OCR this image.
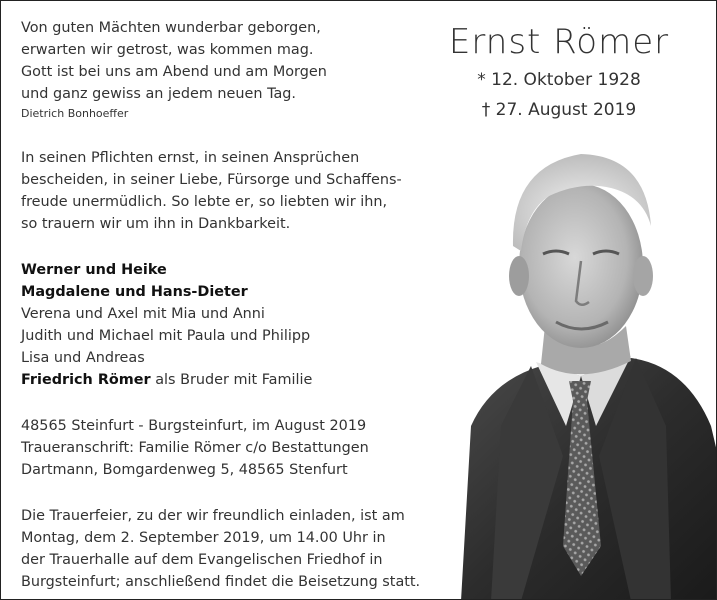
Von guten Mächten wunderbar geborgen,
erwarten wir getrost, was kommen mag.
Gott ist bei uns am Abend und am Morgen
und ganz gewiss an jedem neuen Tag.
Dietrich Bonhoeffer
In seinen Pflichten ernst, in seinen Ansprüchen
bescheiden, in seiner Liebe, Fürsorge und Schaffens-
freude unermüdlich. So lebte er, so liebten wir ihn,
so trauern wir um ihn in Dankbarkeit.
Werner und Heike
Magdalene und Hans-Dieter
Verena und Axel mit Mia und Anni
Judith und Michael mit Paula und Philipp
Lisa und Andreas
Friedrich Römer als Bruder mit Familie
48565 Steinfurt - Burgsteinfurt, im August 2019
Traueranschrift: Familie Römer c/o Bestattungen
Dartmann, Bomgardenweg 5, 48565 Stenfurt
Die Trauerfeier, zu der wir freundlich einladen, ist am
Montag, dem 2. September 2019, um 14.00 Uhr in
der Trauerhalle auf dem Evangelischen Friedhof in
Burgsteinfurt; anschließend findet die Beisetzung statt.
Ernst Römer
* 12. Oktober 1928
† 27. August 2019
